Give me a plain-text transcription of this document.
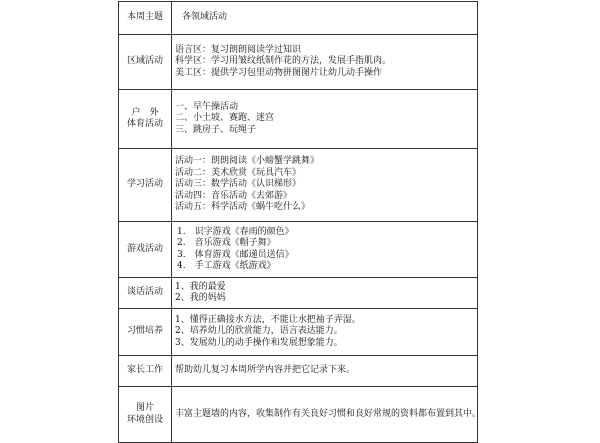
本周主题	各领域活动

区域活动	语言区：复习朗朗阅读学过知识
科学区：学习用皱纹纸制作花的方法，发展手指肌肉。
美工区：提供学习包里动物拼图图片让幼儿动手操作

户　外
体育活动	一、早午操活动
二、小土坡、赛跑、迷宫
三、跳房子、玩绳子

学习活动	活动一：朗朗阅读《小螃蟹学跳舞》
活动二：美术欣赏《玩具汽车》
活动三：数学活动《认识梯形》
活动四：音乐活动《去郊游》
活动五：科学活动《蜗牛吃什么》

游戏活动	1.　识字游戏《春雨的颜色》
2.　音乐游戏《帽子舞》
3.　体育游戏《邮递员送信》
4.　手工游戏《纸游戏》

谈话活动	1、我的最爱
2、我的妈妈

习惯培养	1、懂得正确接水方法，不能让水把袖子弄湿。
2、培养幼儿的欣赏能力，语言表达能力。
3、发展幼儿的动手操作和发展想象能力。

家长工作	帮助幼儿复习本周所学内容并把它记录下来。

图片
环境创设	丰富主题墙的内容，收集制作有关良好习惯和良好常规的资料都布置到其中。
